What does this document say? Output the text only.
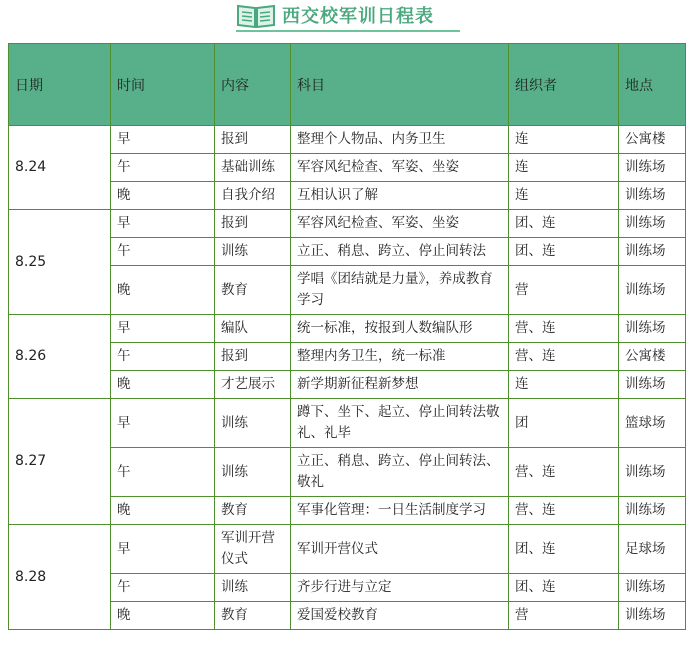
西交校军训日程表
日期	时间	内容	科目	组织者	地点
8.24	早	报到	整理个人物品、内务卫生	连	公寓楼
	午	基础训练	军容风纪检查、军姿、坐姿	连	训练场
	晚	自我介绍	互相认识了解	连	训练场
8.25	早	报到	军容风纪检查、军姿、坐姿	团、连	训练场
	午	训练	立正、稍息、跨立、停止间转法	团、连	训练场
	晚	教育	学唱《团结就是力量》，养成教育学习	营	训练场
8.26	早	编队	统一标准，按报到人数编队形	营、连	训练场
	午	报到	整理内务卫生，统一标准	营、连	公寓楼
	晚	才艺展示	新学期新征程新梦想	连	训练场
8.27	早	训练	蹲下、坐下、起立、停止间转法敬礼、礼毕	团	篮球场
	午	训练	立正、稍息、跨立、停止间转法、敬礼	营、连	训练场
	晚	教育	军事化管理：一日生活制度学习	营、连	训练场
8.28	早	军训开营仪式	军训开营仪式	团、连	足球场
	午	训练	齐步行进与立定	团、连	训练场
	晚	教育	爱国爱校教育	营	训练场
